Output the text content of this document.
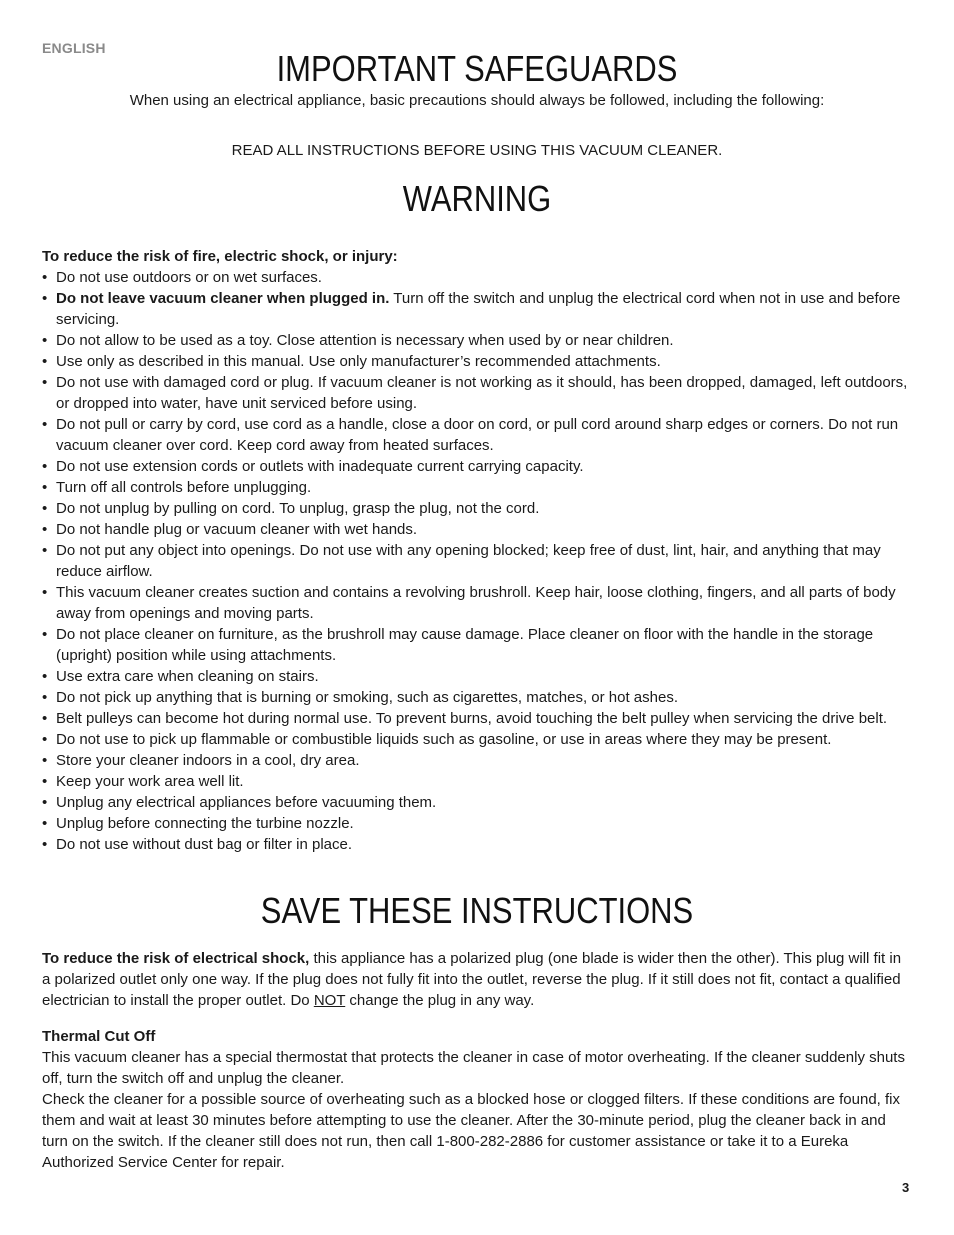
ENGLISH	IMPORTANT SAFEGUARDS
When using an electrical appliance, basic precautions should always be followed, including the following:
READ ALL INSTRUCTIONS BEFORE USING THIS VACUUM CLEANER.
WARNING
To reduce the risk of fire, electric shock, or injury:
• Do not use outdoors or on wet surfaces.
• Do not leave vacuum cleaner when plugged in. Turn off the switch and unplug the electrical cord when not in use and before servicing.
• Do not allow to be used as a toy. Close attention is necessary when used by or near children.
• Use only as described in this manual. Use only manufacturer’s recommended attachments.
• Do not use with damaged cord or plug. If vacuum cleaner is not working as it should, has been dropped, damaged, left outdoors, or dropped into water, have unit serviced before using.
• Do not pull or carry by cord, use cord as a handle, close a door on cord, or pull cord around sharp edges or corners. Do not run vacuum cleaner over cord. Keep cord away from heated surfaces.
• Do not use extension cords or outlets with inadequate current carrying capacity.
• Turn off all controls before unplugging.
• Do not unplug by pulling on cord. To unplug, grasp the plug, not the cord.
• Do not handle plug or vacuum cleaner with wet hands.
• Do not put any object into openings. Do not use with any opening blocked; keep free of dust, lint, hair, and anything that may reduce airflow.
• This vacuum cleaner creates suction and contains a revolving brushroll. Keep hair, loose clothing, fingers, and all parts of body away from openings and moving parts.
• Do not place cleaner on furniture, as the brushroll may cause damage. Place cleaner on floor with the handle in the storage (upright) position while using attachments.
• Use extra care when cleaning on stairs.
• Do not pick up anything that is burning or smoking, such as cigarettes, matches, or hot ashes.
• Belt pulleys can become hot during normal use. To prevent burns, avoid touching the belt pulley when servicing the drive belt.
• Do not use to pick up flammable or combustible liquids such as gasoline, or use in areas where they may be present.
• Store your cleaner indoors in a cool, dry area.
• Keep your work area well lit.
• Unplug any electrical appliances before vacuuming them.
• Unplug before connecting the turbine nozzle.
• Do not use without dust bag or filter in place.
SAVE THESE INSTRUCTIONS

To reduce the risk of electrical shock, this appliance has a polarized plug (one blade is wider then the other). This plug will fit in a polarized outlet only one way. If the plug does not fully fit into the outlet, reverse the plug. If it still does not fit, contact a qualified electrician to install the proper outlet. Do NOT change the plug in any way.

Thermal Cut Off

This vacuum cleaner has a special thermostat that protects the cleaner in case of motor overheating. If the cleaner suddenly shuts off, turn the switch off and unplug the cleaner.

Check the cleaner for a possible source of overheating such as a blocked hose or clogged filters. If these conditions are found, fix them and wait at least 30 minutes before attempting to use the cleaner. After the 30-minute period, plug the cleaner back in and turn on the switch. If the cleaner still does not run, then call 1-800-282-2886 for customer assistance or take it to a Eureka Authorized Service Center for repair.

3
